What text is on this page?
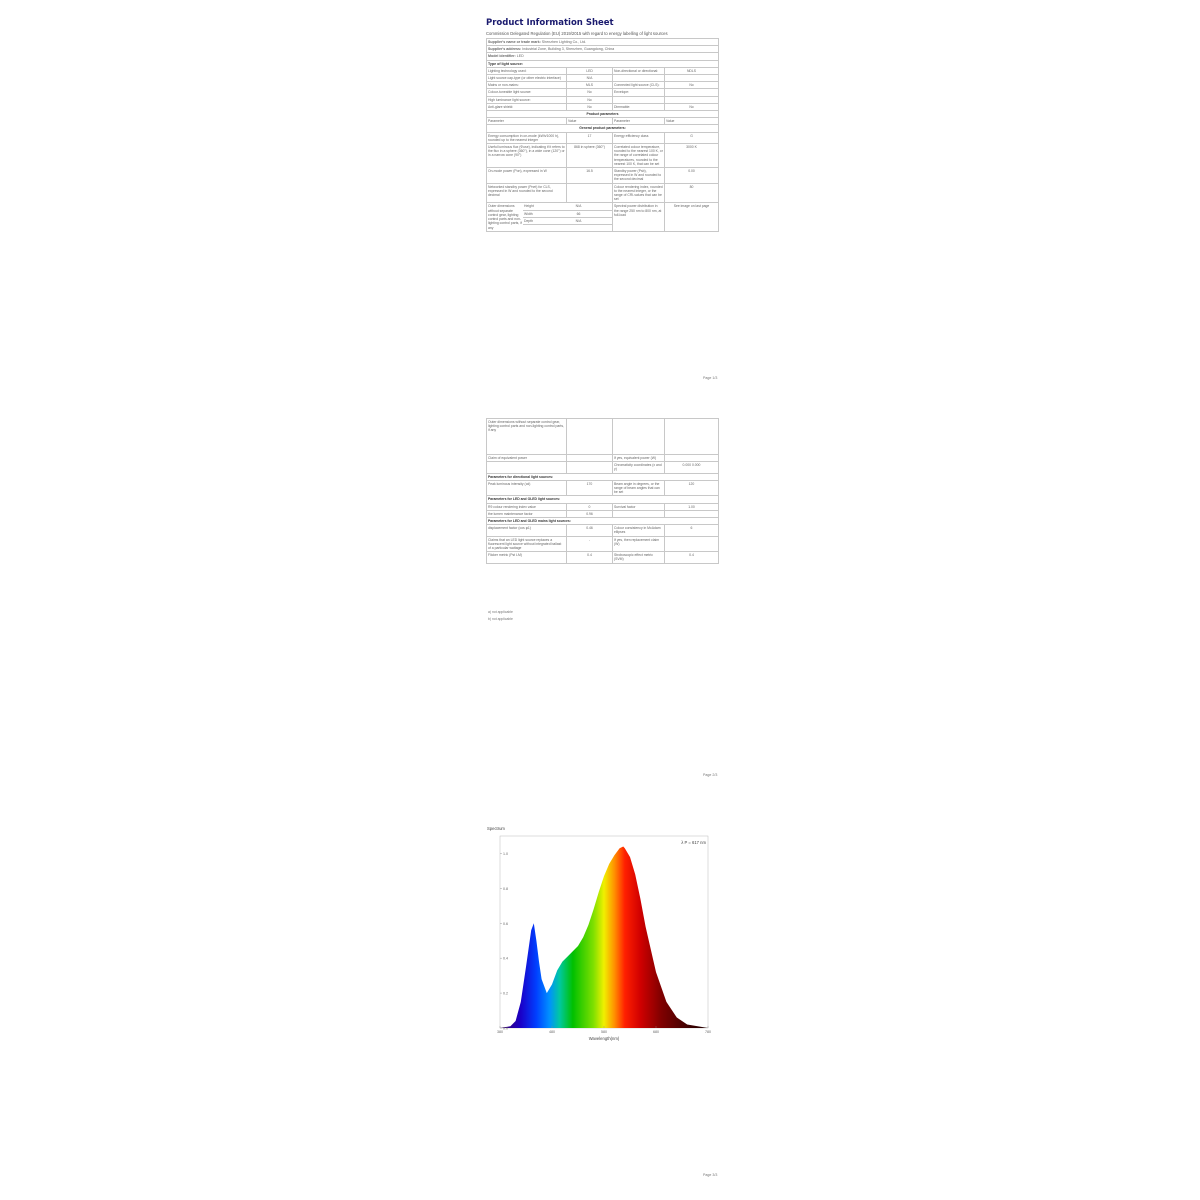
Product Information Sheet
Commission Delegated Regulation (EU) 2019/2015 with regard to energy labelling of light sources
Supplier's name or trade mark: Shenzhen Lighting Co., Ltd.
Supplier's address: Industrial Zone, Building 3, Shenzhen, Guangdong, China
Model identifier: LED
Type of light source:
Lighting technology used:	LED	Non-directional or directional:	NDLS
Light source cap-type (or other electric interface)	N/A		
Mains or non-mains:	MLS	Connected light source (CLS):	No
Colour-tuneable light source:	No	Envelope:	
High luminance light source:	No		
Anti-glare shield:	No	Dimmable:	No
Product parameters
Parameter	Value	Parameter	Value
General product parameters:
Energy consumption in on-mode (kWh/1000 h), rounded up to the nearest integer	17	Energy efficiency class	G
Useful luminous flux (Φuse), indicating if it refers to the flux in a sphere (360°), in a wide cone (120°) or in a narrow cone (90°)	868 in sphere (360°)	Correlated colour temperature, rounded to the nearest 100 K, or the range of correlated colour temperatures, rounded to the nearest 100 K, that can be set	3000 K
On-mode power (Pon), expressed in W	16.5	Standby power (Psb), expressed in W and rounded to the second decimal	0.00
Networked standby power (Pnet) for CLS, expressed in W and rounded to the second decimal		Colour rendering index, rounded to the nearest integer, or the range of CRI-values that can be set	80

Outer dimensions without separate control gear, lighting control parts and non-lighting control parts, if any	
Height	N/A
Width	66
Depth	N/A
	Spectral power distribution in the range 250 nm to 800 nm, at full-load	See image on last page
Page 1/3
Outer dimensions without separate control gear, lighting control parts and non-lighting control parts, if any			
Claim of equivalent power		If yes, equivalent power (W)	
		Chromaticity coordinates (x and y)	0.000 0.000
Parameters for directional light sources:			
Peak luminous intensity (cd)	170	Beam angle in degrees, or the range of beam angles that can be set	120
Parameters for LED and OLED light sources:			
R9 colour rendering index value	0	Survival factor	1.00
the lumen maintenance factor	0.96		
Parameters for LED and OLED mains light sources:			
displacement factor (cos φ1)	0.46	Colour consistency in McAdam ellipses	6
Claims that an LED light source replaces a fluorescent light source without integrated ballast of a particular wattage	-	If yes, then replacement claim (W)	
Flicker metric (Pst LM)	0.4	Stroboscopic effect metric (SVM)	0.4
a) not applicable
b) not applicable
Page 2/3
0.0
0.2
0.4
0.6
0.8
1.0
380	480	580	680	780
Spectrum
Wavelength(nm)
λ P = 617 nm
Page 3/3
